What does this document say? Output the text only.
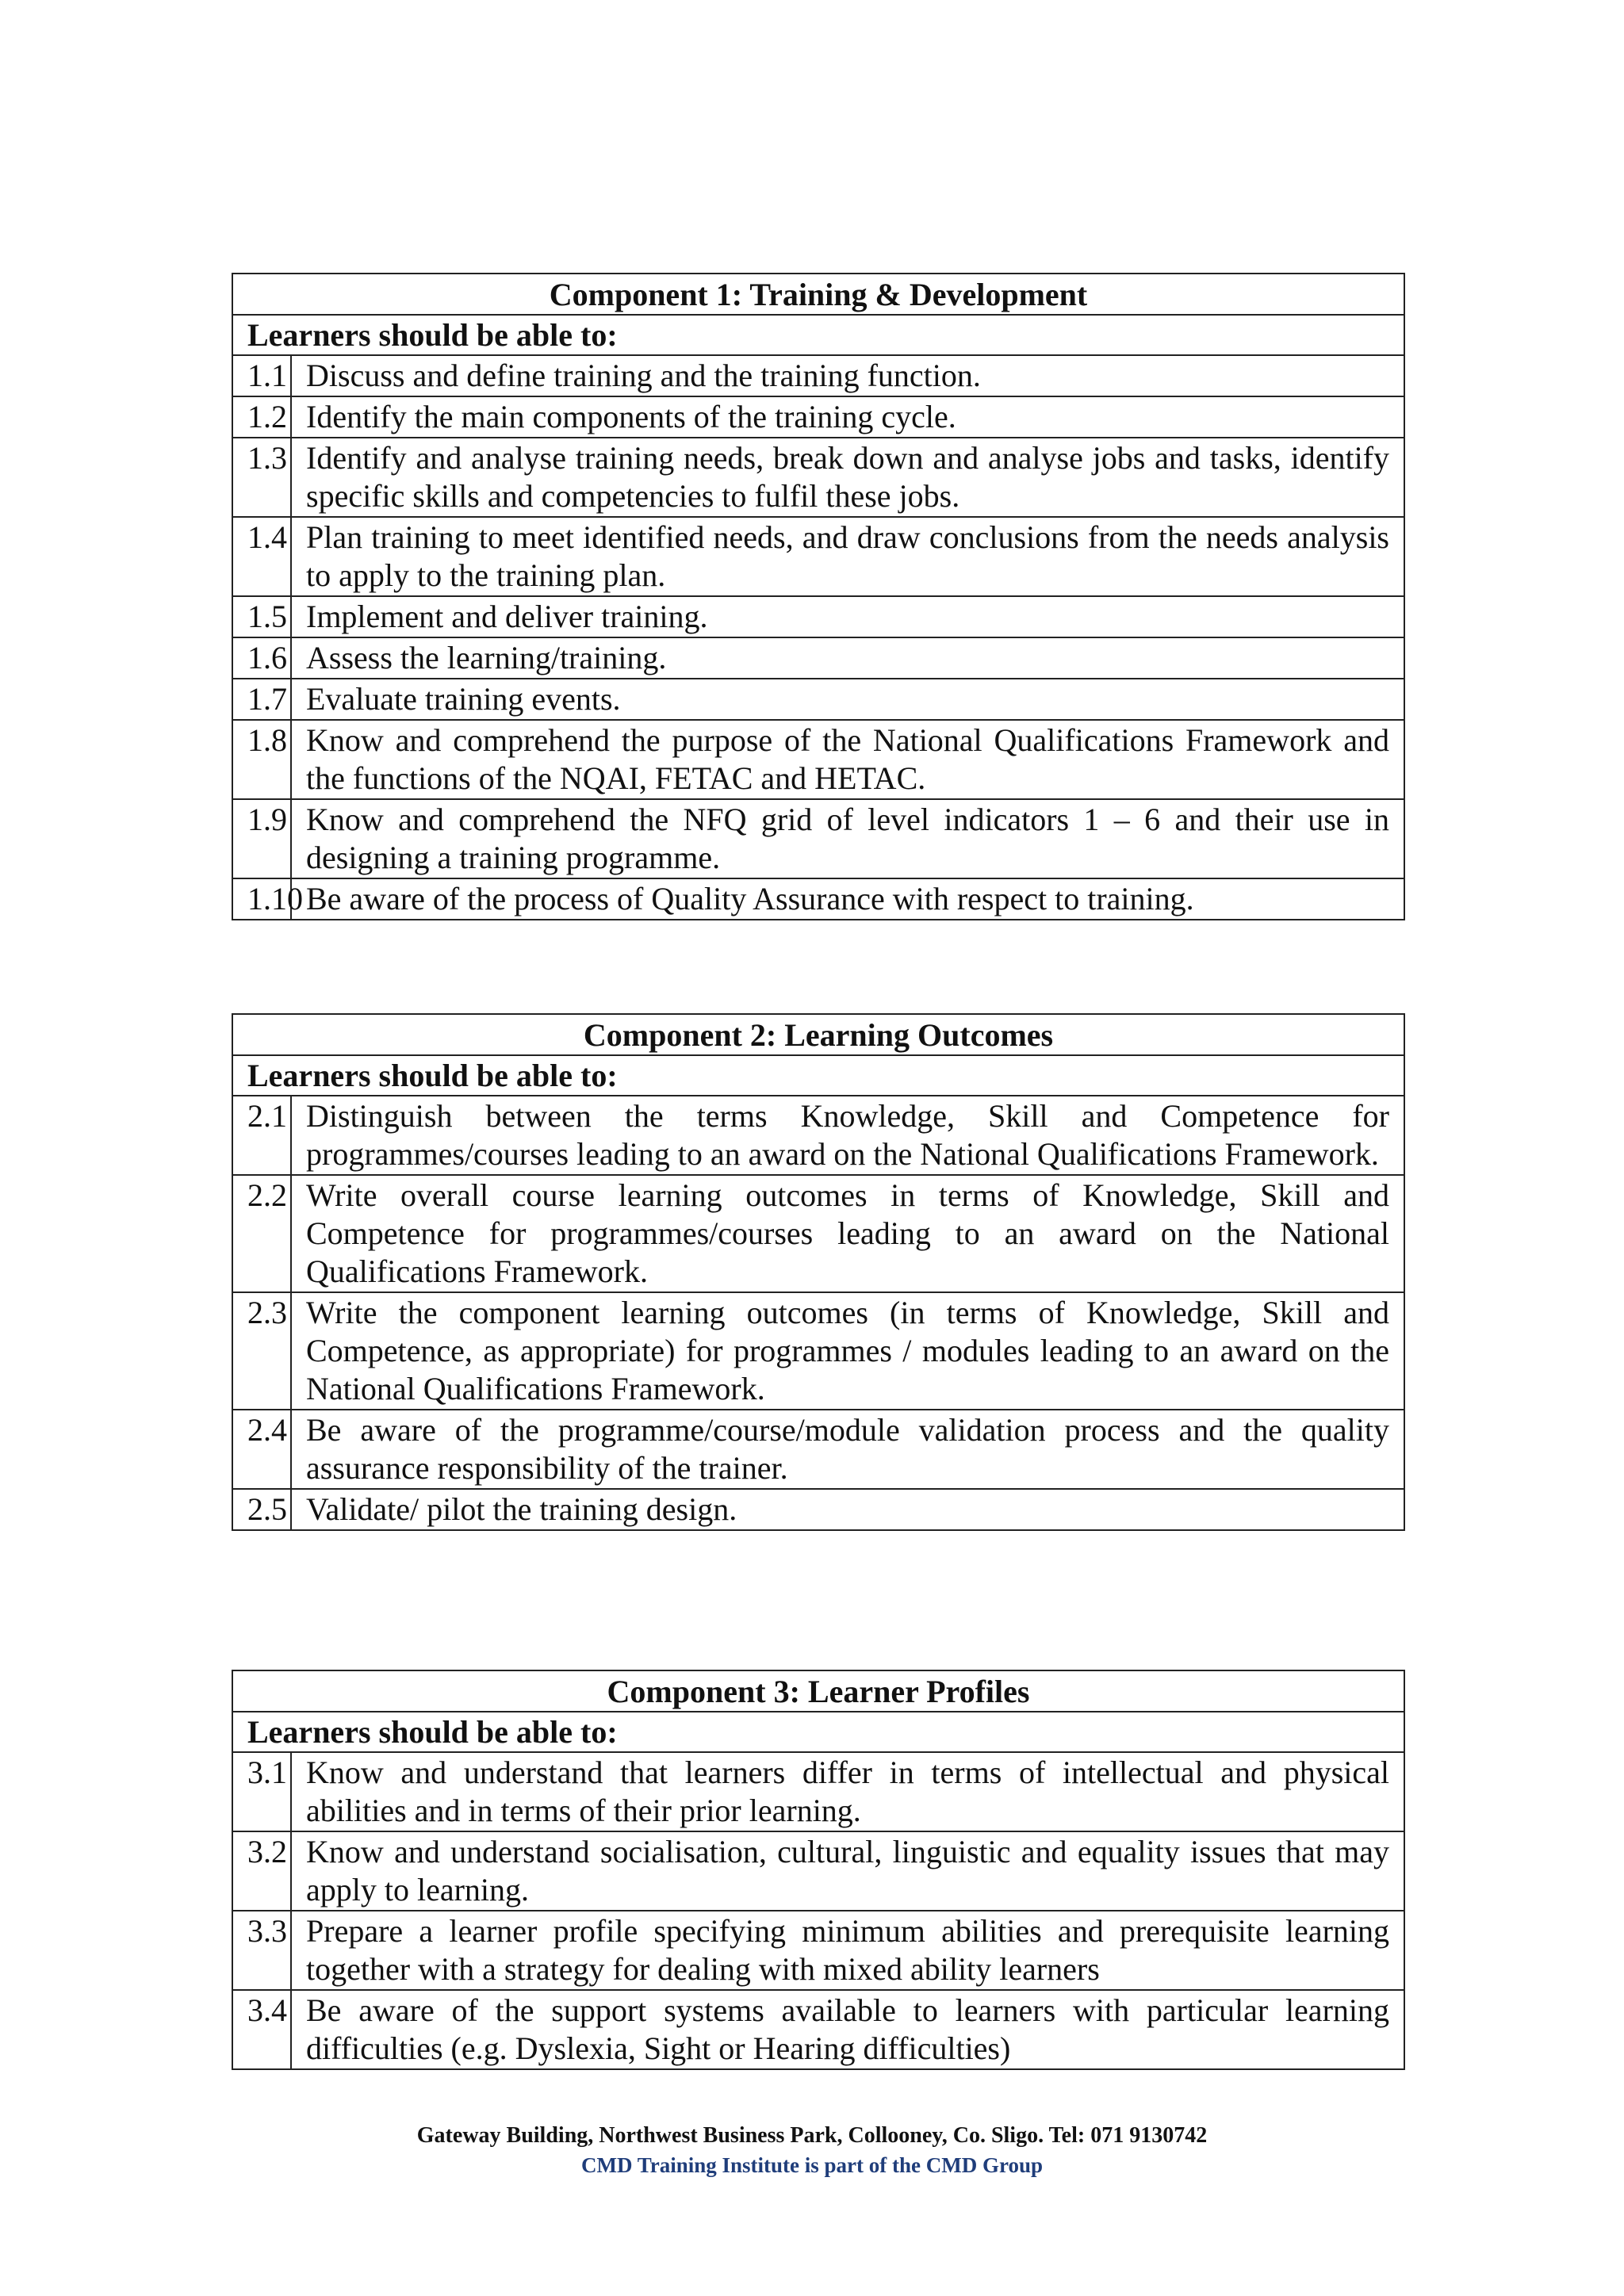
Component 1: Training & Development	
Learners should be able to:	
1.1	Discuss and define training and the training function.
1.2	Identify the main components of the training cycle.
1.3	Identify and analyse training needs, break down and analyse jobs and tasks, identify specific skills and competencies to fulfil these jobs.
1.4	Plan training to meet identified needs, and draw conclusions from the needs analysis to apply to the training plan.
1.5	Implement and deliver training.
1.6	Assess the learning/training.
1.7	Evaluate training events.
1.8	Know and comprehend the purpose of the National Qualifications Framework and the functions of the NQAI, FETAC and HETAC.
1.9	Know and comprehend the NFQ grid of level indicators 1 – 6 and their use in designing a training programme.
1.10	Be aware of the process of Quality Assurance with respect to training.
Component 2: Learning Outcomes	
Learners should be able to:	
2.1	Distinguish between the terms Knowledge, Skill and Competence for programmes/courses leading to an award on the National Qualifications Framework.
2.2	Write overall course learning outcomes in terms of Knowledge, Skill and Competence for programmes/courses leading to an award on the National Qualifications Framework.
2.3	Write the component learning outcomes (in terms of Knowledge, Skill and Competence, as appropriate) for programmes / modules leading to an award on the National Qualifications Framework.
2.4	Be aware of the programme/course/module validation process and the quality assurance responsibility of the trainer.
2.5	Validate/ pilot the training design.
Component 3: Learner Profiles	
Learners should be able to:	
3.1	Know and understand that learners differ in terms of intellectual and physical abilities and in terms of their prior learning.
3.2	Know and understand socialisation, cultural, linguistic and equality issues that may apply to learning.
3.3	Prepare a learner profile specifying minimum abilities and prerequisite learning together with a strategy for dealing with mixed ability learners
3.4	Be aware of the support systems available to learners with particular learning difficulties (e.g. Dyslexia, Sight or Hearing difficulties)
Gateway Building, Northwest Business Park, Collooney, Co. Sligo. Tel: 071 9130742
CMD Training Institute is part of the CMD Group
